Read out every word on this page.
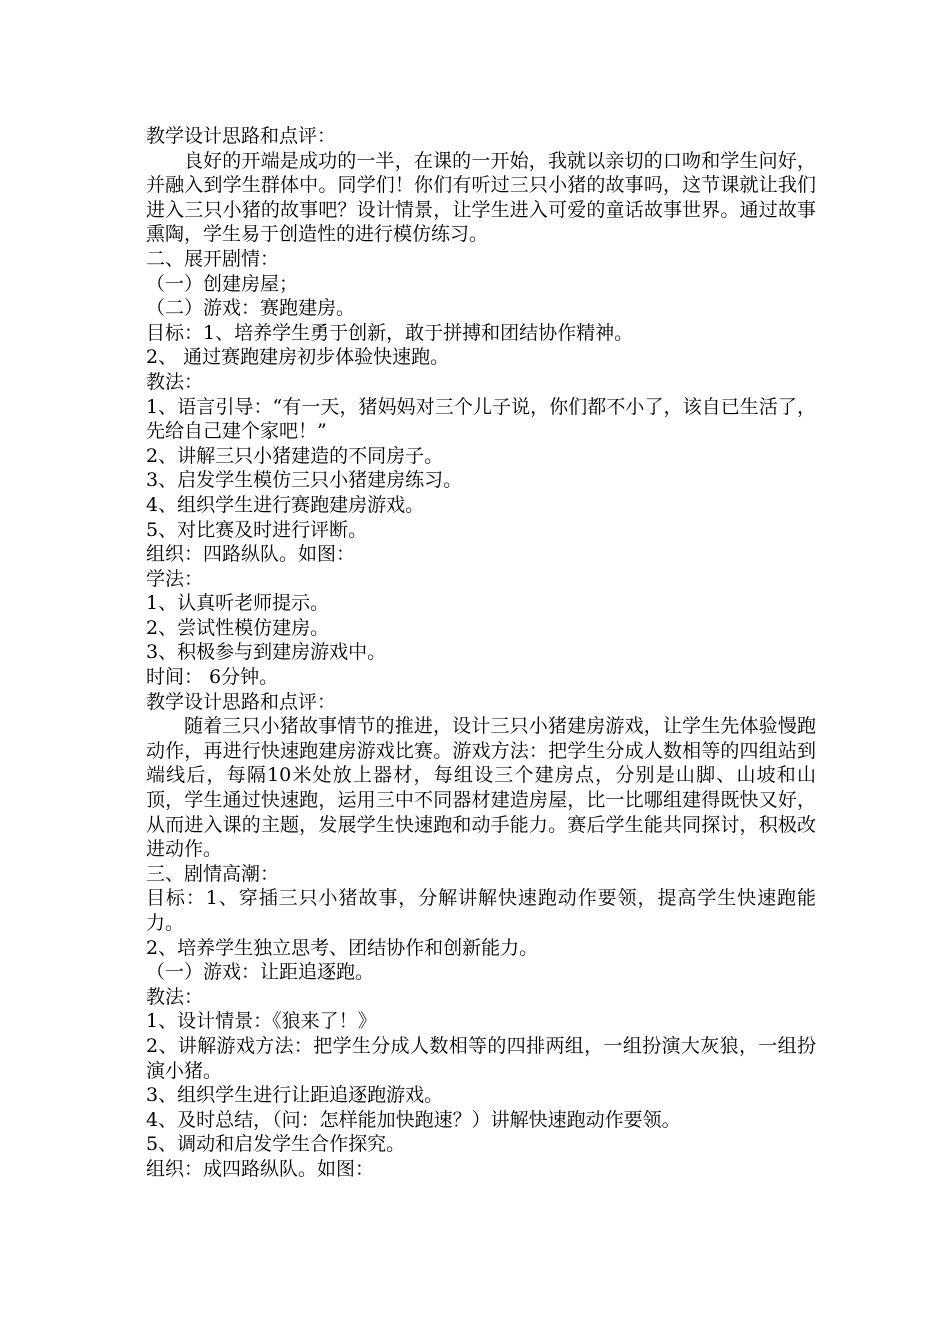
教学设计思路和点评：

良好的开端是成功的一半，在课的一开始，我就以亲切的口吻和学生问好，并融入到学生群体中。同学们！你们有听过三只小猪的故事吗，这节课就让我们进入三只小猪的故事吧？设计情景，让学生进入可爱的童话故事世界。通过故事熏陶，学生易于创造性的进行模仿练习。

二、展开剧情：

（一）创建房屋；

（二）游戏：赛跑建房。

目标：1、培养学生勇于创新，敢于拼搏和团结协作精神。

2、 通过赛跑建房初步体验快速跑。

教法：

1、语言引导：“有一天，猪妈妈对三个儿子说，你们都不小了，该自已生活了，先给自己建个家吧！”

2、讲解三只小猪建造的不同房子。

3、启发学生模仿三只小猪建房练习。

4、组织学生进行赛跑建房游戏。

5、对比赛及时进行评断。

组织：四路纵队。如图：

学法：

1、认真听老师提示。

2、尝试性模仿建房。

3、积极参与到建房游戏中。

时间： 6分钟。

教学设计思路和点评：

随着三只小猪故事情节的推进，设计三只小猪建房游戏，让学生先体验慢跑动作，再进行快速跑建房游戏比赛。游戏方法：把学生分成人数相等的四组站到端线后，每隔10米处放上器材，每组设三个建房点，分别是山脚、山坡和山顶，学生通过快速跑，运用三中不同器材建造房屋，比一比哪组建得既快又好，从而进入课的主题，发展学生快速跑和动手能力。赛后学生能共同探讨，积极改进动作。

三、剧情高潮：

目标：1、穿插三只小猪故事，分解讲解快速跑动作要领，提高学生快速跑能力。

2、培养学生独立思考、团结协作和创新能力。

（一）游戏：让距追逐跑。

教法：

1、设计情景：《狼来了！》

2、讲解游戏方法：把学生分成人数相等的四排两组，一组扮演大灰狼，一组扮演小猪。

3、组织学生进行让距追逐跑游戏。

4、及时总结，（问：怎样能加快跑速？）讲解快速跑动作要领。

5、调动和启发学生合作探究。

组织：成四路纵队。如图：
